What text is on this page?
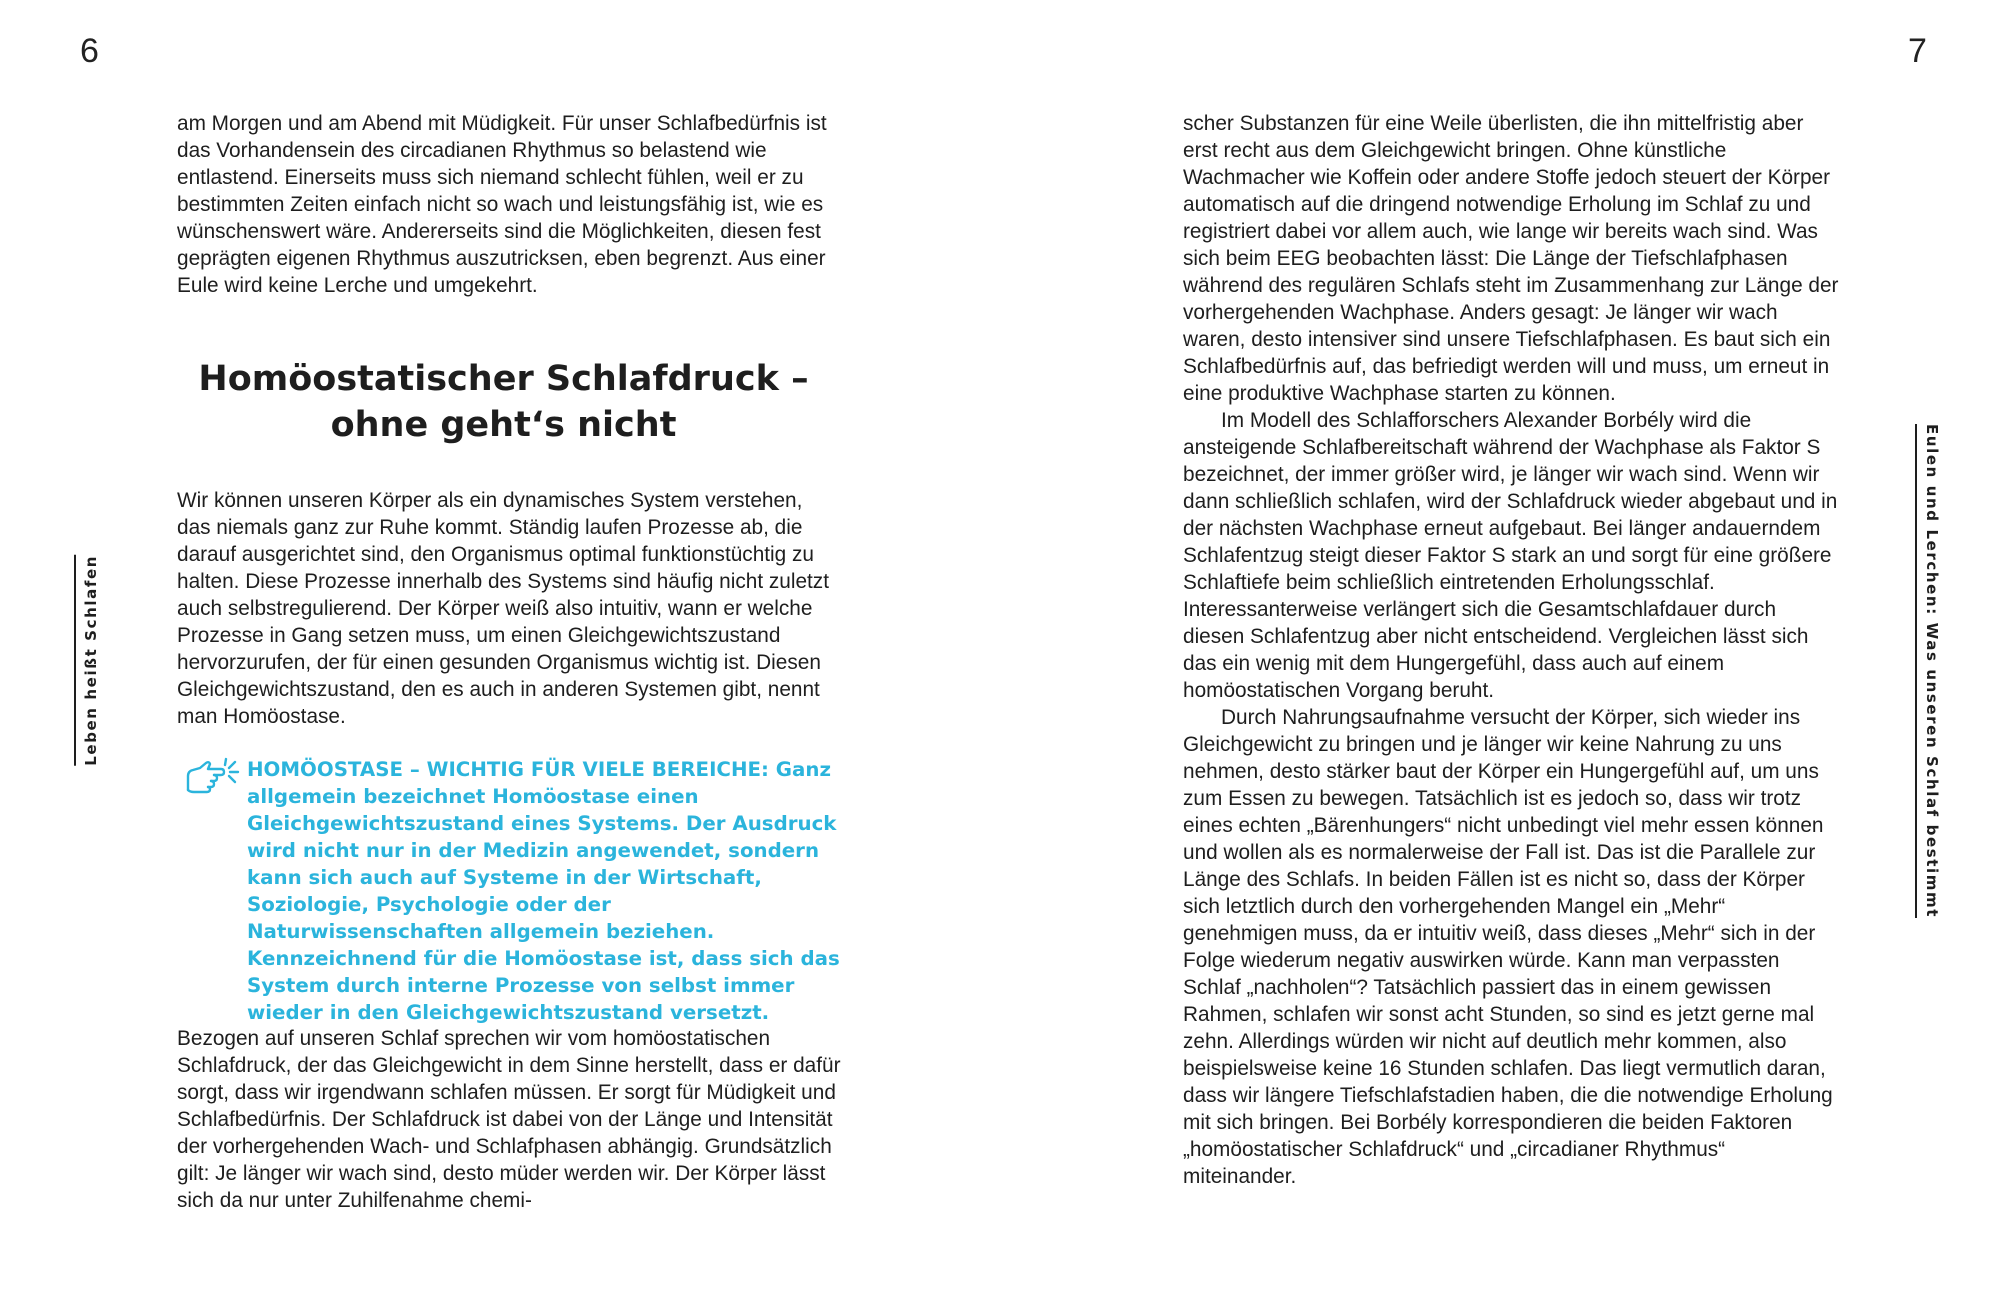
6	7
Leben heißt Schlafen	Eulen und Lerchen: Was unseren Schlaf bestimmt

am Morgen und am Abend mit Müdigkeit. Für unser Schlafbedürfnis ist das Vorhandensein des circadianen Rhythmus so belastend wie entlastend. Einerseits muss sich niemand schlecht fühlen, weil er zu bestimmten Zeiten einfach nicht so wach und leistungsfähig ist, wie es wünschenswert wäre. Andererseits sind die Möglichkeiten, diesen fest geprägten eigenen Rhythmus auszutricksen, eben begrenzt. Aus einer Eule wird keine Lerche und umgekehrt.

Homöostatischer Schlafdruck –
ohne geht‘s nicht

Wir können unseren Körper als ein dynamisches System verstehen, das niemals ganz zur Ruhe kommt. Ständig laufen Prozesse ab, die darauf ausgerichtet sind, den Organismus optimal funktionstüchtig zu halten. Diese Prozesse innerhalb des Systems sind häufig nicht zuletzt auch selbstregulierend. Der Körper weiß also intuitiv, wann er welche Prozesse in Gang setzen muss, um einen Gleichgewichtszustand hervorzurufen, der für einen gesunden Organismus wichtig ist. Diesen Gleichgewichtszustand, den es auch in anderen Systemen gibt, nennt man Homöostase.

HOMÖOSTASE – WICHTIG FÜR VIELE BEREICHE: Ganz allgemein bezeichnet Homöostase einen Gleichgewichtszustand eines Systems. Der Ausdruck wird nicht nur in der Medizin angewendet, sondern kann sich auch auf Systeme in der Wirtschaft, Soziologie, Psychologie oder der Naturwissenschaften allgemein beziehen. Kennzeichnend für die Homöostase ist, dass sich das System durch interne Prozesse von selbst immer wieder in den Gleichgewichtszustand versetzt.

Bezogen auf unseren Schlaf sprechen wir vom homöostatischen Schlafdruck, der das Gleichgewicht in dem Sinne herstellt, dass er dafür sorgt, dass wir irgendwann schlafen müssen. Er sorgt für Müdigkeit und Schlafbedürfnis. Der Schlafdruck ist dabei von der Länge und Intensität der vorhergehenden Wach- und Schlafphasen abhängig. Grundsätzlich gilt: Je länger wir wach sind, desto müder werden wir. Der Körper lässt sich da nur unter Zuhilfenahme chemi-

scher Substanzen für eine Weile überlisten, die ihn mittelfristig aber erst recht aus dem Gleichgewicht bringen. Ohne künstliche Wachmacher wie Koffein oder andere Stoffe jedoch steuert der Körper automatisch auf die dringend notwendige Erholung im Schlaf zu und registriert dabei vor allem auch, wie lange wir bereits wach sind. Was sich beim EEG beobachten lässt: Die Länge der Tiefschlafphasen während des regulären Schlafs steht im Zusammenhang zur Länge der vorhergehenden Wachphase. Anders gesagt: Je länger wir wach waren, desto intensiver sind unsere Tiefschlafphasen. Es baut sich ein Schlafbedürfnis auf, das befriedigt werden will und muss, um erneut in eine produktive Wachphase starten zu können.

Im Modell des Schlafforschers Alexander Borbély wird die ansteigende Schlafbereitschaft während der Wachphase als Faktor S bezeichnet, der immer größer wird, je länger wir wach sind. Wenn wir dann schließlich schlafen, wird der Schlafdruck wieder abgebaut und in der nächsten Wachphase erneut aufgebaut. Bei länger andauerndem Schlafentzug steigt dieser Faktor S stark an und sorgt für eine größere Schlaftiefe beim schließlich eintretenden Erholungsschlaf. Interessanterweise verlängert sich die Gesamtschlafdauer durch diesen Schlafentzug aber nicht entscheidend. Vergleichen lässt sich das ein wenig mit dem Hungergefühl, dass auch auf einem homöostatischen Vorgang beruht.

Durch Nahrungsaufnahme versucht der Körper, sich wieder ins Gleichgewicht zu bringen und je länger wir keine Nahrung zu uns nehmen, desto stärker baut der Körper ein Hungergefühl auf, um uns zum Essen zu bewegen. Tatsächlich ist es jedoch so, dass wir trotz eines echten „Bärenhungers“ nicht unbedingt viel mehr essen können und wollen als es normalerweise der Fall ist. Das ist die Parallele zur Länge des Schlafs. In beiden Fällen ist es nicht so, dass der Körper sich letztlich durch den vorhergehenden Mangel ein „Mehr“ genehmigen muss, da er intuitiv weiß, dass dieses „Mehr“ sich in der Folge wiederum negativ auswirken würde. Kann man verpassten Schlaf „nachholen“? Tatsächlich passiert das in einem gewissen Rahmen, schlafen wir sonst acht Stunden, so sind es jetzt gerne mal zehn. Allerdings würden wir nicht auf deutlich mehr kommen, also beispielsweise keine 16 Stunden schlafen. Das liegt vermutlich daran, dass wir längere Tiefschlafstadien haben, die die notwendige Erholung mit sich bringen. Bei Borbély korrespondieren die beiden Faktoren „homöostatischer Schlafdruck“ und „circadianer Rhythmus“ miteinander.
